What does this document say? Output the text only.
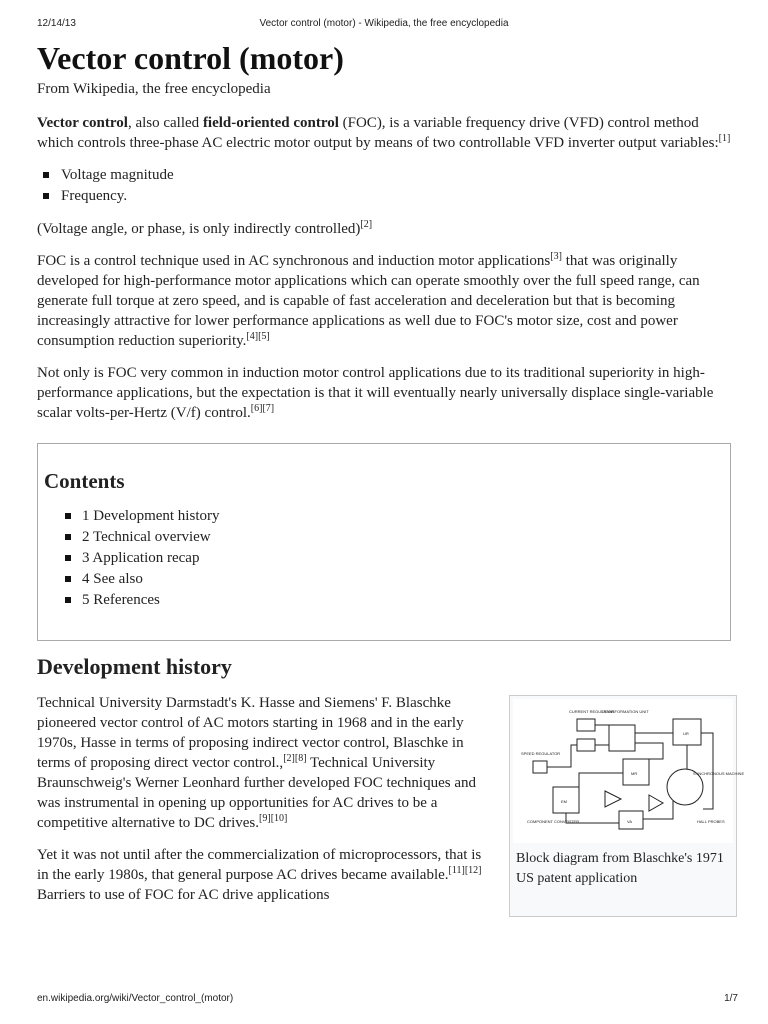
12/14/13	Vector control (motor) - Wikipedia, the free encyclopedia
Vector control (motor)
From Wikipedia, the free encyclopedia

Vector control, also called field-oriented control (FOC), is a variable frequency drive (VFD) control method which controls three-phase AC electric motor output by means of two controllable VFD inverter output variables:[1]

Voltage magnitude
Frequency.

(Voltage angle, or phase, is only indirectly controlled)[2]

FOC is a control technique used in AC synchronous and induction motor applications[3] that was originally developed for high-performance motor applications which can operate smoothly over the full speed range, can generate full torque at zero speed, and is capable of fast acceleration and deceleration but that is becoming increasingly attractive for lower performance applications as well due to FOC's motor size, cost and power consumption reduction superiority.[4][5]

Not only is FOC very common in induction motor control applications due to its traditional superiority in high-performance applications, but the expectation is that it will eventually nearly universally displace single-variable scalar volts-per-Hertz (V/f) control.[6][7]

Contents
1 Development history
2 Technical overview
3 Application recap
4 See also
5 References
Development history

Technical University Darmstadt's K. Hasse and Siemens' F. Blaschke pioneered vector control of AC motors starting in 1968 and in the early 1970s, Hasse in terms of proposing indirect vector control, Blaschke in terms of proposing direct vector control.,[2][8] Technical University Braunschweig's Werner Leonhard further developed FOC techniques and was instrumental in opening up opportunities for AC drives to be a competitive alternative to DC drives.[9][10]

Yet it was not until after the commercialization of microprocessors, that is in the early 1980s, that general purpose AC drives became available.[11][12] Barriers to use of FOC for AC drive applications

SPEED REGULATOR
CURRENT REGULATOR
COMPONENT CONVERTER
TRANSFORMATION UNIT
SYNCHRONOUS MACHINE
UR
VA
EM
MR
HALL PROBES
Block diagram from Blaschke's 1971 US patent application
en.wikipedia.org/wiki/Vector_control_(motor)	1/7
